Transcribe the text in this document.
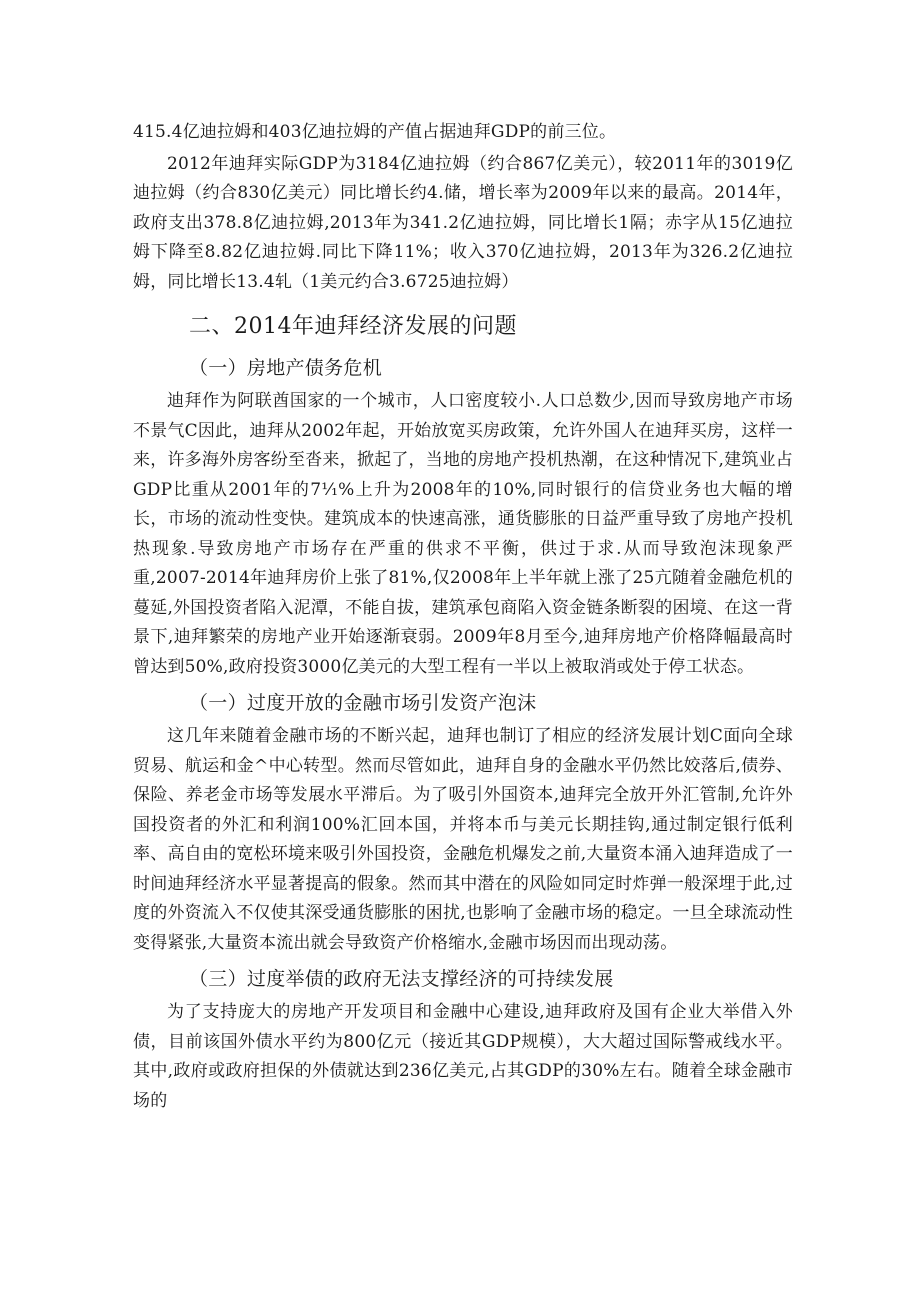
415.4亿迪拉姆和403亿迪拉姆的产值占据迪拜GDP的前三位。

2012年迪拜实际GDP为3184亿迪拉姆（约合867亿美元），较2011年的3019亿迪拉姆（约合830亿美元）同比增长约4.储，增长率为2009年以来的最高。2014年，政府支出378.8亿迪拉姆,2013年为341.2亿迪拉姆，同比增长1隔；赤字从15亿迪拉姆下降至8.82亿迪拉姆.同比下降11%；收入370亿迪拉姆，2013年为326.2亿迪拉姆，同比增长13.4轧（1美元约合3.6725迪拉姆）

二、2014年迪拜经济发展的问题
（一）房地产债务危机

迪拜作为阿联酋国家的一个城市，人口密度较小.人口总数少,因而导致房地产市场不景气C因此，迪拜从2002年起，开始放宽买房政策，允许外国人在迪拜买房，这样一来，许多海外房客纷至沓来，掀起了，当地的房地产投机热潮，在这种情况下,建筑业占GDP比重从2001年的7⅟₁%上升为2008年的10%,同时银行的信贷业务也大幅的增长，市场的流动性变快。建筑成本的快速高涨，通货膨胀的日益严重导致了房地产投机热现象.导致房地产市场存在严重的供求不平衡，供过于求.从而导致泡沫现象严重,2007-2014年迪拜房价上张了81%,仅2008年上半年就上涨了25亢随着金融危机的蔓延,外国投资者陷入泥潭，不能自拔，建筑承包商陷入资金链条断裂的困境、在这一背景下,迪拜繁荣的房地产业开始逐渐衰弱。2009年8月至今,迪拜房地产价格降幅最高时曾达到50%,政府投资3000亿美元的大型工程有一半以上被取消或处于停工状态。

（一）过度开放的金融市场引发资产泡沫

这几年来随着金融市场的不断兴起，迪拜也制订了相应的经济发展计划C面向全球贸易、航运和金^中心转型。然而尽管如此，迪拜自身的金融水平仍然比姣落后,债券、保险、养老金市场等发展水平滞后。为了吸引外国资本,迪拜完全放开外汇管制,允许外国投资者的外汇和利润100%汇回本国，并将本币与美元长期挂钩,通过制定银行低利率、高自由的宽松环境来吸引外国投资，金融危机爆发之前,大量资本涌入迪拜造成了一时间迪拜经济水平显著提高的假象。然而其中潜在的风险如同定时炸弹一般深埋于此,过度的外资流入不仅使其深受通货膨胀的困扰,也影响了金融市场的稳定。一旦全球流动性变得紧张,大量资本流出就会导致资产价格缩水,金融市场因而出现动荡。

（三）过度举债的政府无法支撑经济的可持续发展

为了支持庞大的房地产开发项目和金融中心建设,迪拜政府及国有企业大举借入外债，目前该国外债水平约为800亿元（接近其GDP规模），大大超过国际警戒线水平。其中,政府或政府担保的外债就达到236亿美元,占其GDP的30%左右。随着全球金融市场的
